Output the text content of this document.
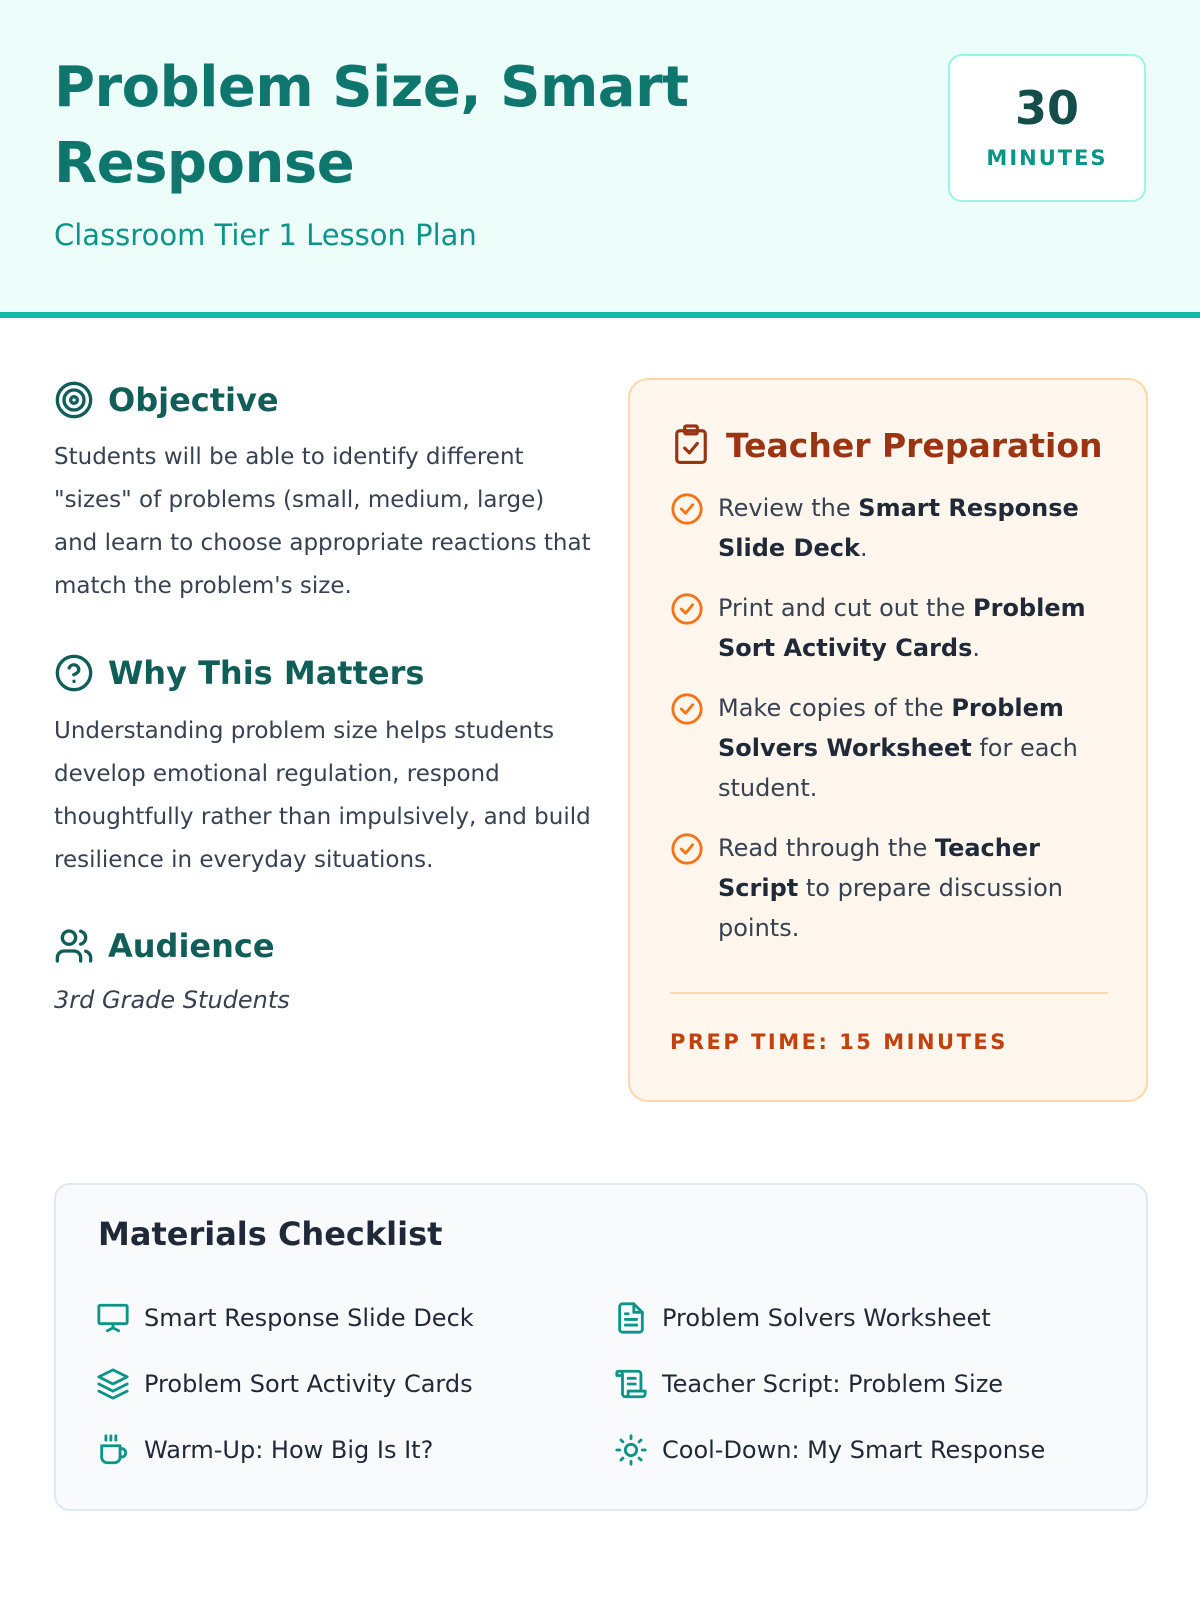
Problem Size, Smart Response

Classroom Tier 1 Lesson Plan

30
MINUTES
Objective

Students will be able to identify different "sizes" of problems (small, medium, large) and learn to choose appropriate reactions that match the problem's size.

Why This Matters

Understanding problem size helps students develop emotional regulation, respond thoughtfully rather than impulsively, and build resilience in everyday situations.

Audience

3rd Grade Students

Teacher Preparation

Review the Smart Response Slide Deck.

Print and cut out the Problem Sort Activity Cards.

Make copies of the Problem Solvers Worksheet for each student.

Read through the Teacher Script to prepare discussion points.

PREP TIME: 15 MINUTES
Materials Checklist
Smart Response Slide Deck	Problem Solvers Worksheet
Problem Sort Activity Cards	Teacher Script: Problem Size
Warm-Up: How Big Is It?	Cool-Down: My Smart Response
